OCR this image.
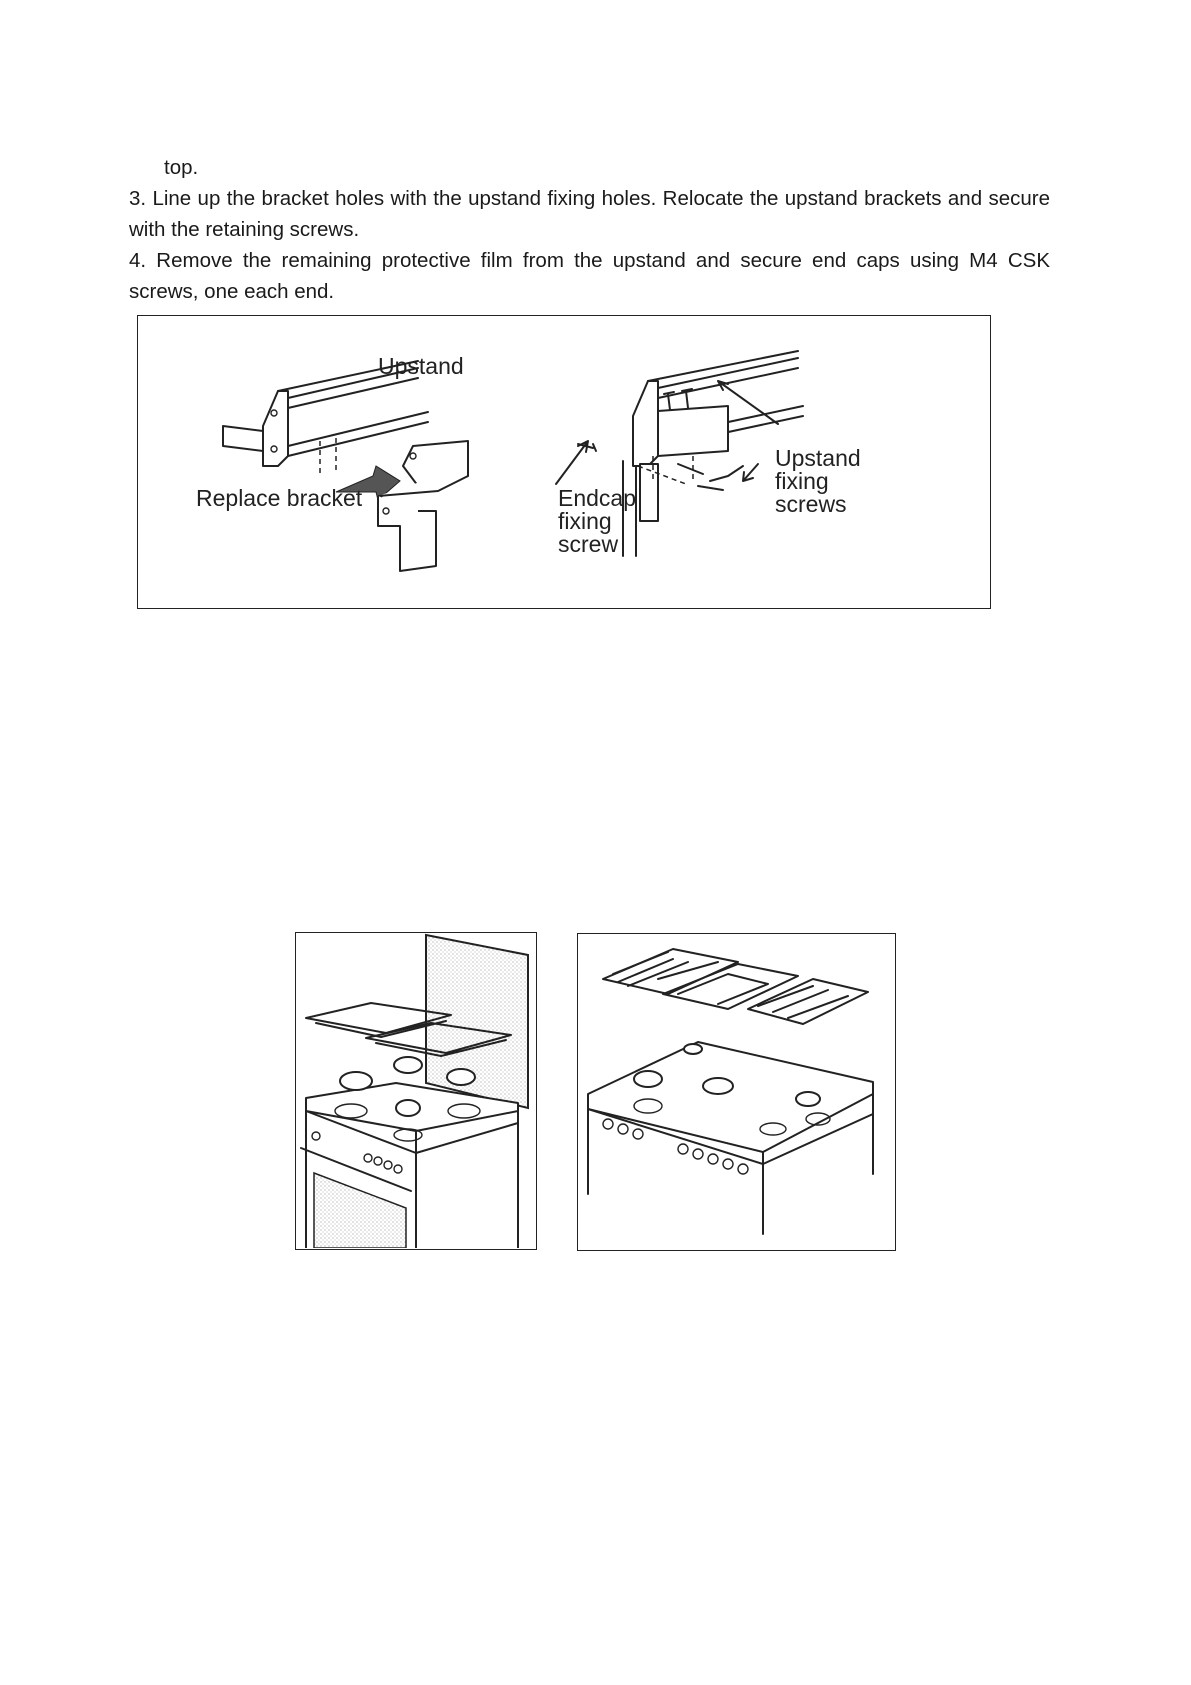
top.

3. Line up the bracket holes with the upstand fixing holes. Relocate the upstand brackets and secure with the retaining screws.

4. Remove the remaining protective film from the upstand and secure end caps using M4 CSK screws, one each end.

Upstand
Replace bracket	Endcap
fixing
screw
Upstand
fixing
screws
